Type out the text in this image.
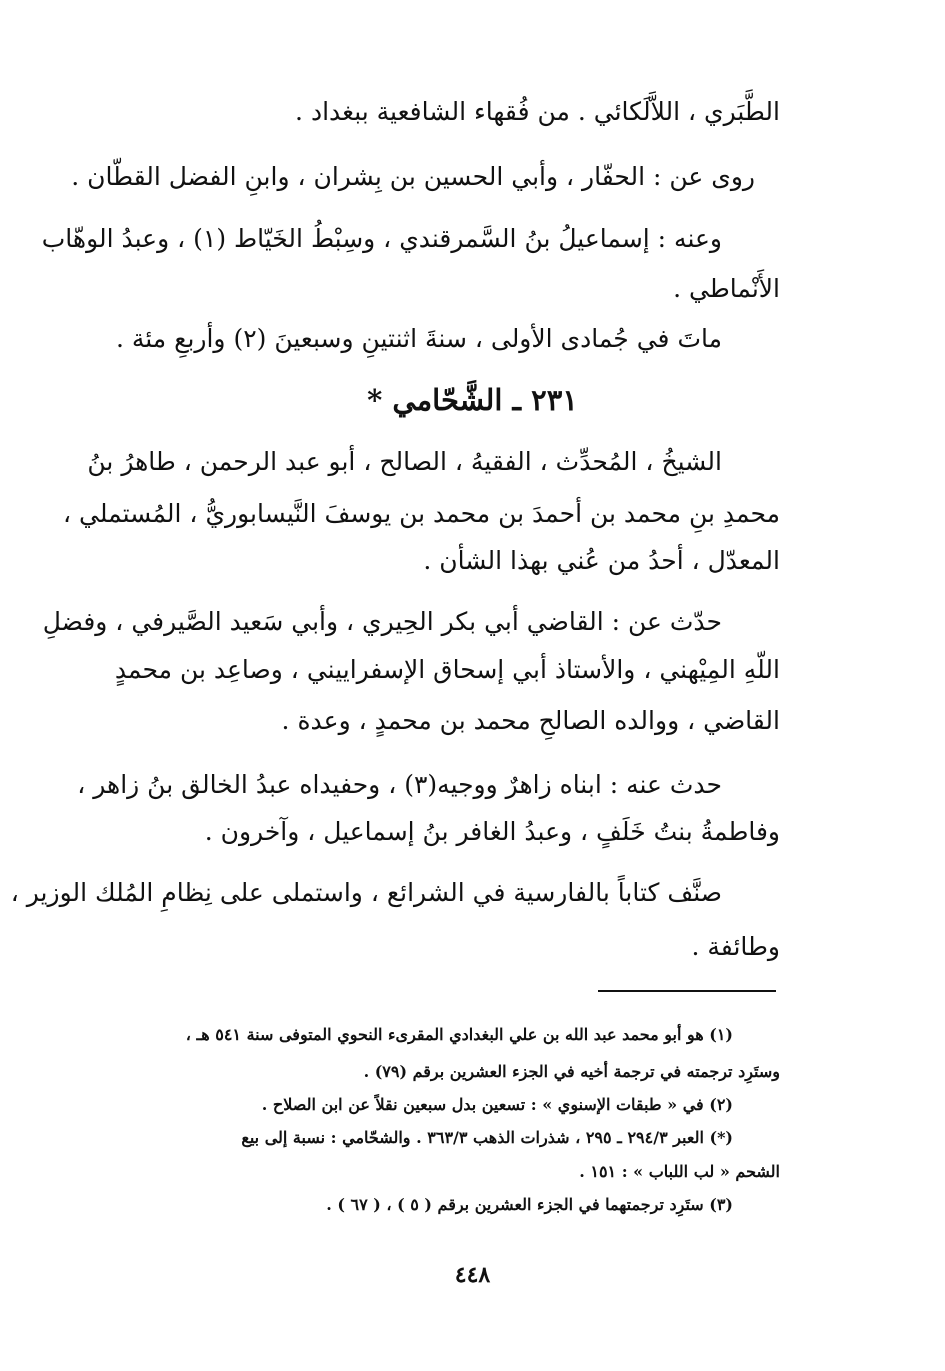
الطَّبَري ، اللاَّلَكائي . من فُقهاء الشافعية ببغداد .
روى عن : الحفّار ، وأبي الحسين بن بِشران ، وابنِ الفضل القطّان .
وعنه : إسماعيلُ بنُ السَّمرقندي ، وسِبْطُ الخَيّاط (١) ، وعبدُ الوهّاب
الأَنْماطي .
ماتَ في جُمادى الأولى ، سنةَ اثنتينِ وسبعينَ (٢) وأربعِ مئة .
٢٣١ ـ الشَّحّامي *
الشيخُ ، المُحدِّث ، الفقيهُ ، الصالح ، أبو عبد الرحمن ، طاهرُ بنُ
محمدِ بنِ محمد بن أحمدَ بن محمد بن يوسفَ النَّيسابوريُّ ، المُستملي ،
المعدّل ، أحدُ من عُني بهذا الشأن .
حدّث عن : القاضي أبي بكر الحِيري ، وأبي سَعيد الصَّيرفي ، وفضلِ
اللّهِ المِيْهني ، والأستاذ أبي إسحاق الإسفراييني ، وصاعِد بن محمدٍ
القاضي ، ووالده الصالحِ محمد بن محمدٍ ، وعدة .
حدث عنه : ابناه زاهرٌ ووجيه(٣) ، وحفيداه عبدُ الخالق بنُ زاهر ،
وفاطمةُ بنتُ خَلَفٍ ، وعبدُ الغافر بنُ إسماعيل ، وآخرون .
صنَّف كتاباً بالفارسية في الشرائع ، واستملى على نِظامِ المُلك الوزير ،
وطائفة .
(١) هو أبو محمد عبد الله بن علي البغدادي المقرىء النحوي المتوفى سنة ٥٤١ هـ ،
وستَرِد ترجمته في ترجمة أخيه في الجزء العشرين برقم (٧٩) .
(٢) في « طبقات الإسنوي » : تسعين بدل سبعين نقلاً عن ابن الصلاح .
(*) العبر ٢٩٤/٣ ـ ٢٩٥ ، شذرات الذهب ٣٦٣/٣ . والشحّامي : نسبة إلى بيع
الشحم « لب اللباب » : ١٥١ .
(٣) ستَرِد ترجمتهما في الجزء العشرين برقم ( ٥ ) ، ( ٦٧ ) .
٤٤٨
